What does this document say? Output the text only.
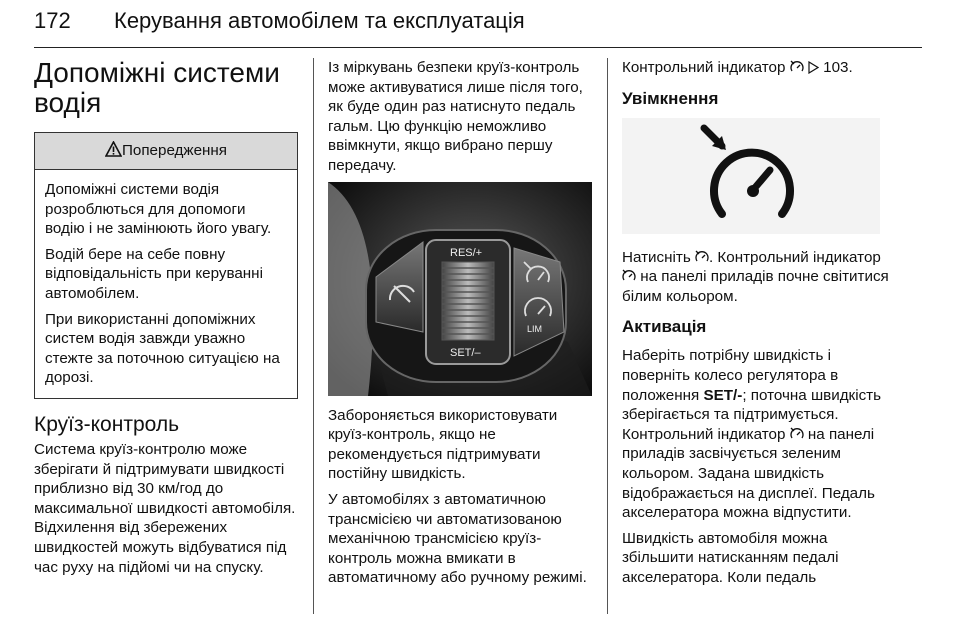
172 Керування автомобілем та експлуатація
Допоміжні системи
водія
Попередження

Допоміжні системи водія розроблються для допомоги водію і не замінюють його увагу.

Водій бере на себе повну відповідальність при керуванні автомобілем.

При використанні допоміжних систем водія завжди уважно стежте за поточною ситуацією на дорозі.

Круїз-контроль

Система круїз-контролю може зберігати й підтримувати швидкості приблизно від 30 км/год до максимальної швидкості автомобіля. Відхилення від збережених швидкостей можуть відбуватися під час руху на підйомі чи на спуску.

Із міркувань безпеки круїз-контроль може активуватися лише після того, як буде один раз натиснуто педаль гальм. Цю функцію неможливо ввімкнути, якщо вибрано першу передачу.

RES/+
SET/–
LIM

Забороняється використовувати круїз-контроль, якщо не рекомендується підтримувати постійну швидкість.

У автомобілях з автоматичною трансмісією чи автоматизованою механічною трансмісією круїз-контроль можна вмикати в автоматичному або ручному режимі.

Контрольний індикатор 103.

Увімкнення

Натисніть . Контрольний індикатор  на панелі приладів почне світитися білим кольором.

Активація

Наберіть потрібну швидкість і поверніть колесо регулятора в положення SET/-; поточна швидкість зберігається та підтримується. Контрольний індикатор на панелі приладів засвічується зеленим кольором. Задана швидкість відображається на дисплеї. Педаль акселератора можна відпустити.

Швидкість автомобіля можна збільшити натисканням педалі акселератора. Коли педаль
